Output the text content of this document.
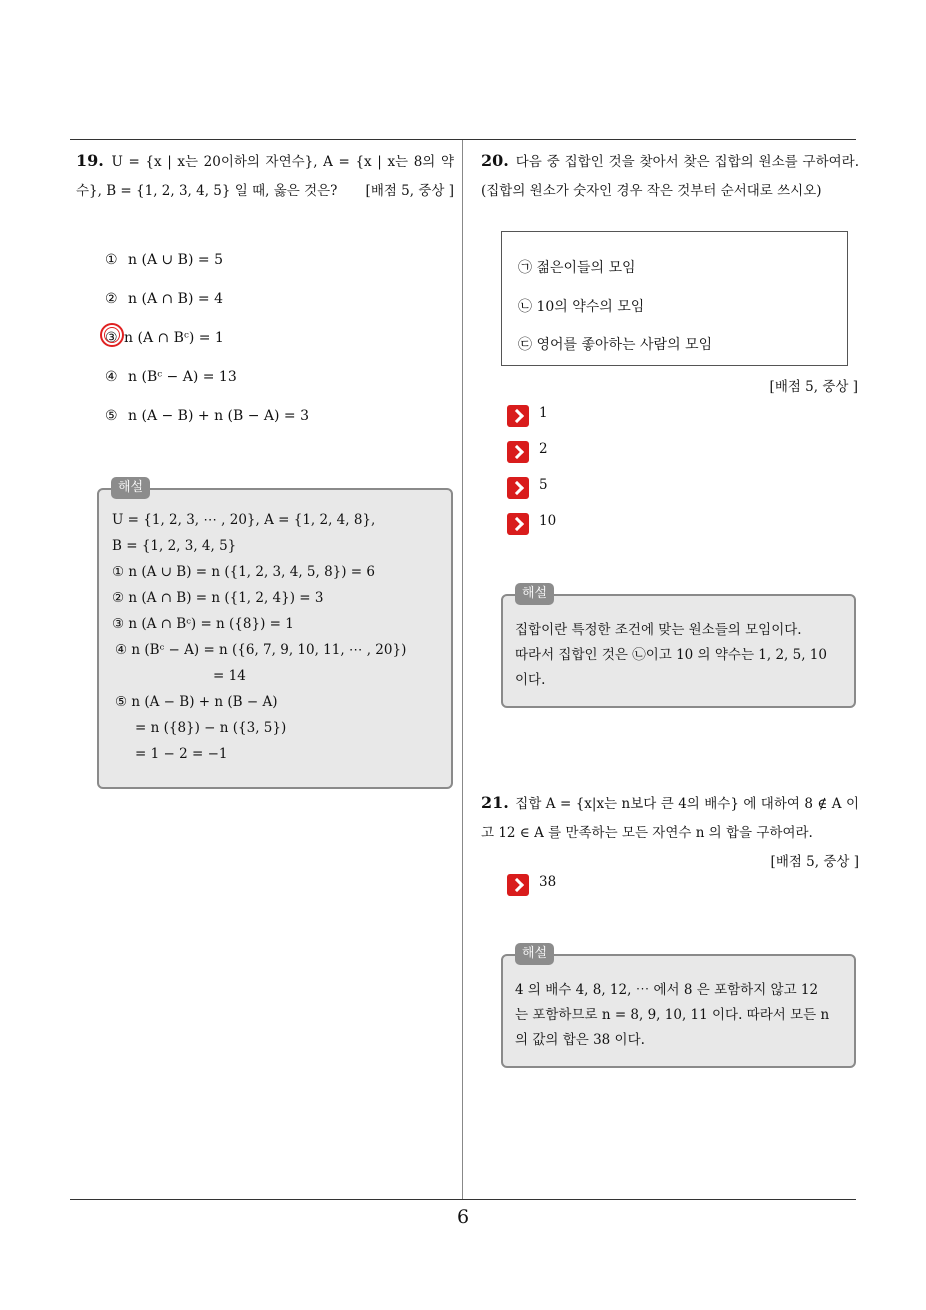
19. U = {x | x는 20이하의 자연수}, A = {x | x는 8의 약수}, B = {1, 2, 3, 4, 5} 일 때, 옳은 것은? [배점 5, 중상 ]
① n (A ∪ B) = 5
② n (A ∩ B) = 4
③ n (A ∩ Bᶜ) = 1
④ n (Bᶜ − A) = 13
⑤ n (A − B) + n (B − A) = 3
해설
U = {1, 2, 3, ⋯ , 20}, A = {1, 2, 4, 8},
B = {1, 2, 3, 4, 5}
① n (A ∪ B) = n ({1, 2, 3, 4, 5, 8}) = 6
② n (A ∩ B) = n ({1, 2, 4}) = 3
③ n (A ∩ Bᶜ) = n ({8}) = 1
④ n (Bᶜ − A) = n ({6, 7, 9, 10, 11, ⋯ , 20})
= 14
⑤ n (A − B) + n (B − A)
= n ({8}) − n ({3, 5})
= 1 − 2 = −1
20. 다음 중 집합인 것을 찾아서 찾은 집합의 원소를 구하여라. (집합의 원소가 숫자인 경우 작은 것부터 순서대로 쓰시오)
㉠ 젊은이들의 모임
㉡ 10의 약수의 모임
㉢ 영어를 좋아하는 사람의 모임
[배점 5, 중상 ]
1
2
5
10
해설
집합이란 특정한 조건에 맞는 원소들의 모임이다.
따라서 집합인 것은 ㉡이고 10 의 약수는 1, 2, 5, 10
이다.
21. 집합 A = {x|x는 n보다 큰 4의 배수} 에 대하여 8 ∉ A 이고 12 ∈ A 를 만족하는 모든 자연수 n 의 합을 구하여라.
[배점 5, 중상 ]
38
해설
4 의 배수 4, 8, 12, ⋯ 에서 8 은 포함하지 않고 12
는 포함하므로 n = 8, 9, 10, 11 이다. 따라서 모든 n
의 값의 합은 38 이다.
6
